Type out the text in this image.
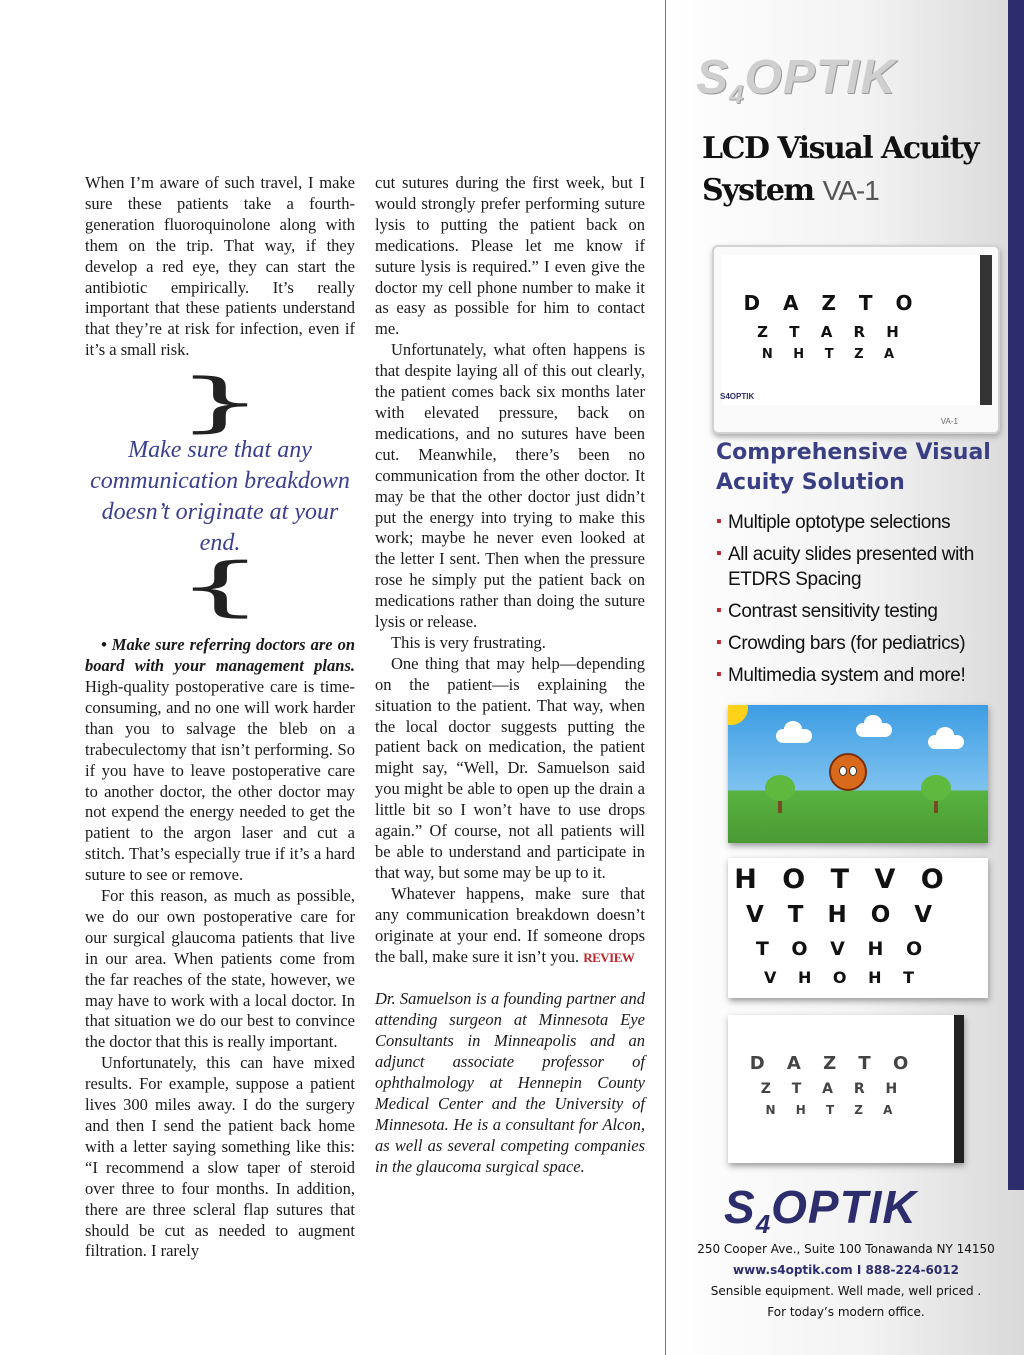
When I’m aware of such travel, I make sure these patients take a fourth-generation fluoroquinolone along with them on the trip. That way, if they develop a red eye, they can start the antibiotic empirically. It’s really important that these patients understand that they’re at risk for infection, even if it’s a small risk.

}
Make sure that any communication breakdown doesn’t originate at your end.
}

• Make sure referring doctors are on board with your management plans. High-quality postoperative care is time-consuming, and no one will work harder than you to salvage the bleb on a trabeculectomy that isn’t performing. So if you have to leave postoperative care to another doctor, the other doctor may not expend the energy needed to get the patient to the argon laser and cut a stitch. That’s especially true if it’s a hard suture to see or remove.

For this reason, as much as possible, we do our own postoperative care for our surgical glaucoma patients that live in our area. When patients come from the far reaches of the state, however, we may have to work with a local doctor. In that situation we do our best to convince the doctor that this is really important.

Unfortunately, this can have mixed results. For example, suppose a patient lives 300 miles away. I do the surgery and then I send the patient back home with a letter saying something like this: “I recommend a slow taper of steroid over three to four months. In addition, there are three scleral flap sutures that should be cut as needed to augment filtration. I rarely

cut sutures during the first week, but I would strongly prefer performing suture lysis to putting the patient back on medications. Please let me know if suture lysis is required.” I even give the doctor my cell phone number to make it as easy as possible for him to contact me.

Unfortunately, what often happens is that despite laying all of this out clearly, the patient comes back six months later with elevated pressure, back on medications, and no sutures have been cut. Meanwhile, there’s been no communication from the other doctor. It may be that the other doctor just didn’t put the energy into trying to make this work; maybe he never even looked at the letter I sent. Then when the pressure rose he simply put the patient back on medications rather than doing the suture lysis or release.

This is very frustrating.

One thing that may help—depending on the patient—is explaining the situation to the patient. That way, when the local doctor suggests putting the patient back on medication, the patient might say, “Well, Dr. Samuelson said you might be able to open up the drain a little bit so I won’t have to use drops again.” Of course, not all patients will be able to understand and participate in that way, but some may be up to it.

Whatever happens, make sure that any communication breakdown doesn’t originate at your end. If someone drops the ball, make sure it isn’t you. REVIEW

Dr. Samuelson is a founding partner and attending surgeon at Minnesota Eye Consultants in Minneapolis and an adjunct associate professor of ophthalmology at Hennepin County Medical Center and the University of Minnesota. He is a consultant for Alcon, as well as several competing companies in the glaucoma surgical space.

$S_4OPTIK$
LCD Visual Acuity System VA-1
D A Z T O
Z T A R H
N H T Z A
S4OPTIK
VA-1
Comprehensive Visual Acuity Solution
▪ Multiple optotype selections
▪ All acuity slides presented with ETDRS Spacing
▪ Contrast sensitivity testing
▪ Crowding bars (for pediatrics)
▪ Multimedia system and more!
H O T V O
V T H O V
T O V H O
V H O H T
D A Z T O
Z T A R H
N H T Z A
$S_4OPTIK$
250 Cooper Ave., Suite 100 Tonawanda NY 14150
www.s4optik.com I 888-224-6012
Sensible equipment. Well made, well priced .
For today’s modern office.
